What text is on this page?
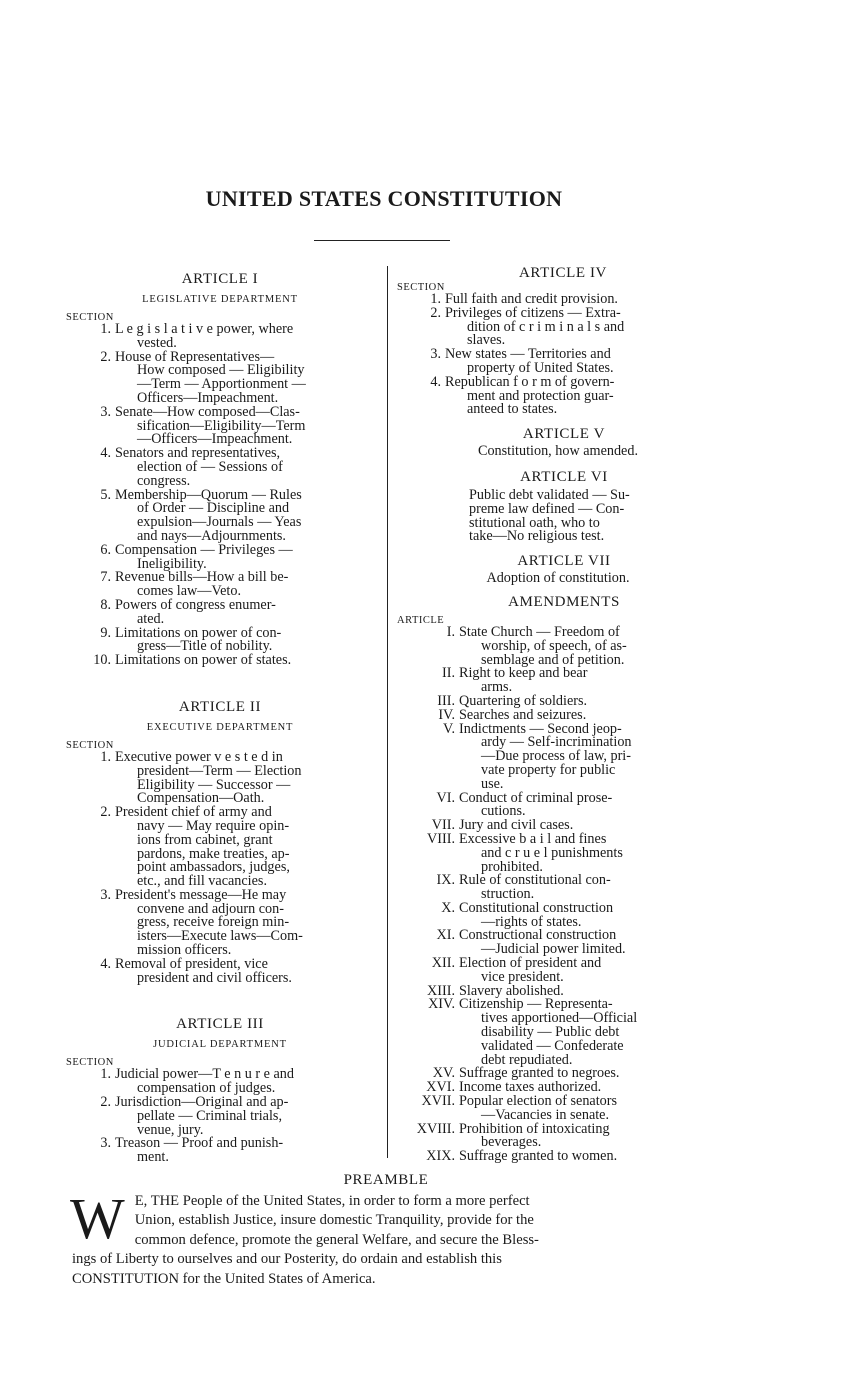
UNITED STATES CONSTITUTION
ARTICLE I
LEGISLATIVE DEPARTMENT
SECTION
1. L e g i s l a t i v e power, where
vested.
2. House of Representatives—
How composed — Eligibility
—Term — Apportionment —
Officers—Impeachment.
3. Senate—How composed—Clas-
sification—Eligibility—Term
—Officers—Impeachment.
4. Senators and representatives,
election of — Sessions of
congress.
5. Membership—Quorum — Rules
of Order — Discipline and
expulsion—Journals — Yeas
and nays—Adjournments.
6. Compensation — Privileges —
Ineligibility.
7. Revenue bills—How a bill be-
comes law—Veto.
8. Powers of congress enumer-
ated.
9. Limitations on power of con-
gress—Title of nobility.
10. Limitations on power of states.
ARTICLE II
EXECUTIVE DEPARTMENT
SECTION
1. Executive power v e s t e d in
president—Term — Election
Eligibility — Successor —
Compensation—Oath.
2. President chief of army and
navy — May require opin-
ions from cabinet, grant
pardons, make treaties, ap-
point ambassadors, judges,
etc., and fill vacancies.
3. President's message—He may
convene and adjourn con-
gress, receive foreign min-
isters—Execute laws—Com-
mission officers.
4. Removal of president, vice
president and civil officers.
ARTICLE III
JUDICIAL DEPARTMENT
SECTION
1. Judicial power—T e n u r e and
compensation of judges.
2. Jurisdiction—Original and ap-
pellate — Criminal trials,
venue, jury.
3. Treason — Proof and punish-
ment.
ARTICLE IV
SECTION
1. Full faith and credit provision.
2. Privileges of citizens — Extra-
dition of c r i m i n a l s and
slaves.
3. New states — Territories and
property of United States.
4. Republican f o r m of govern-
ment and protection guar-
anteed to states.
ARTICLE V
Constitution, how amended.
ARTICLE VI
Public debt validated — Su-
preme law defined — Con-
stitutional oath, who to
take—No religious test.
ARTICLE VII
Adoption of constitution.
AMENDMENTS
ARTICLE
I. State Church — Freedom of
worship, of speech, of as-
semblage and of petition.
II. Right to keep and bear
arms.
III. Quartering of soldiers.
IV. Searches and seizures.
V. Indictments — Second jeop-
ardy — Self-incrimination
—Due process of law, pri-
vate property for public
use.
VI. Conduct of criminal prose-
cutions.
VII. Jury and civil cases.
VIII. Excessive b a i l and fines
and c r u e l punishments
prohibited.
IX. Rule of constitutional con-
struction.
X. Constitutional construction
—rights of states.
XI. Constructional construction
—Judicial power limited.
XII. Election of president and
vice president.
XIII. Slavery abolished.
XIV. Citizenship — Representa-
tives apportioned—Official
disability — Public debt
validated — Confederate
debt repudiated.
XV. Suffrage granted to negroes.
XVI. Income taxes authorized.
XVII. Popular election of senators
—Vacancies in senate.
XVIII. Prohibition of intoxicating
beverages.
XIX. Suffrage granted to women.
PREAMBLE
W E, THE People of the United States, in order to form a more perfect
Union, establish Justice, insure domestic Tranquility, provide for the
common defence, promote the general Welfare, and secure the Bless-
ings of Liberty to ourselves and our Posterity, do ordain and establish this
CONSTITUTION for the United States of America.
